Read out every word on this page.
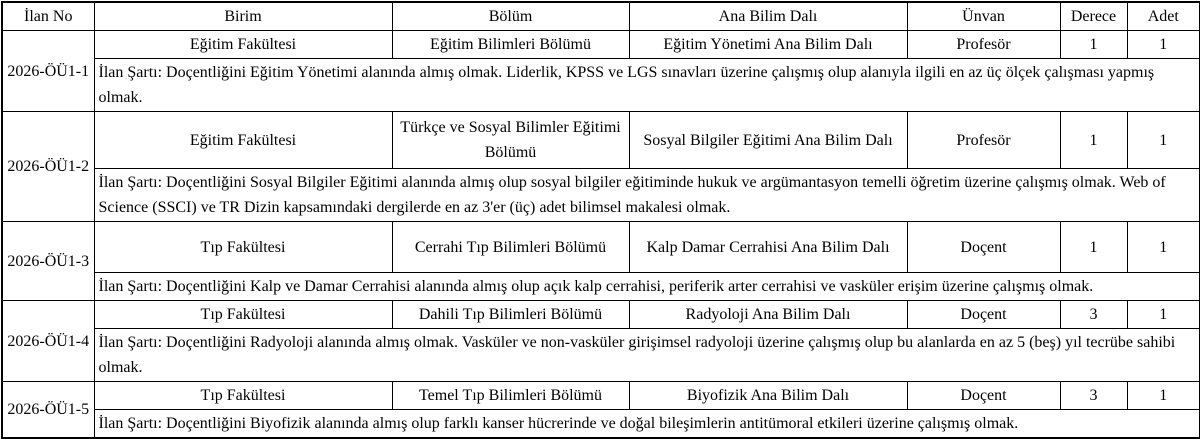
İlan No	Birim	Bölüm	Ana Bilim Dalı	Ünvan	Derece	Adet
2026-ÖÜ1-1	Eğitim Fakültesi	Eğitim Bilimleri Bölümü	Eğitim Yönetimi Ana Bilim Dalı	Profesör	1	1
	İlan Şartı: Doçentliğini Eğitim Yönetimi alanında almış olmak. Liderlik, KPSS ve LGS sınavları üzerine çalışmış olup alanıyla ilgili en az üç ölçek çalışması yapmış olmak.					
2026-ÖÜ1-2	Eğitim Fakültesi	Türkçe ve Sosyal Bilimler Eğitimi Bölümü	Sosyal Bilgiler Eğitimi Ana Bilim Dalı	Profesör	1	1
	İlan Şartı: Doçentliğini Sosyal Bilgiler Eğitimi alanında almış olup sosyal bilgiler eğitiminde hukuk ve argümantasyon temelli öğretim üzerine çalışmış olmak. Web of Science (SSCI) ve TR Dizin kapsamındaki dergilerde en az 3'er (üç) adet bilimsel makalesi olmak.					
2026-ÖÜ1-3	Tıp Fakültesi	Cerrahi Tıp Bilimleri Bölümü	Kalp Damar Cerrahisi Ana Bilim Dalı	Doçent	1	1
	İlan Şartı: Doçentliğini Kalp ve Damar Cerrahisi alanında almış olup açık kalp cerrahisi, periferik arter cerrahisi ve vasküler erişim üzerine çalışmış olmak.					
2026-ÖÜ1-4	Tıp Fakültesi	Dahili Tıp Bilimleri Bölümü	Radyoloji Ana Bilim Dalı	Doçent	3	1
	İlan Şartı: Doçentliğini Radyoloji alanında almış olmak. Vasküler ve non-vasküler girişimsel radyoloji üzerine çalışmış olup bu alanlarda en az 5 (beş) yıl tecrübe sahibi olmak.					
2026-ÖÜ1-5	Tıp Fakültesi	Temel Tıp Bilimleri Bölümü	Biyofizik Ana Bilim Dalı	Doçent	3	1
	İlan Şartı: Doçentliğini Biyofizik alanında almış olup farklı kanser hücrerinde ve doğal bileşimlerin antitümoral etkileri üzerine çalışmış olmak.					
